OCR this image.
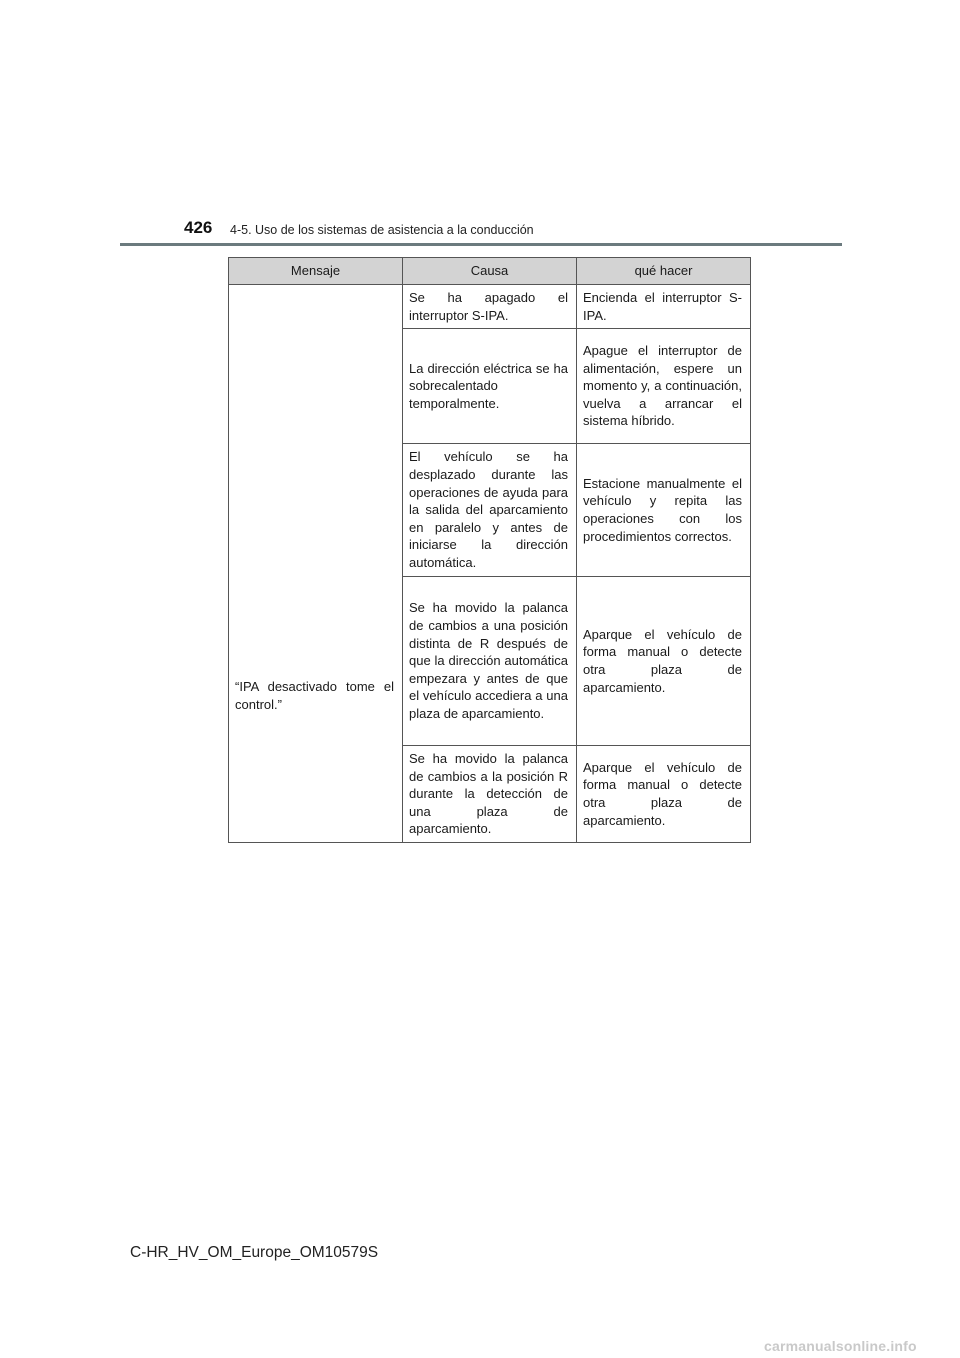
426 4-5. Uso de los sistemas de asistencia a la conducción
Mensaje	Causa	qué hacer
“IPA desactivado tome el control.”	Se ha apagado el interruptor S-IPA.	Encienda el interruptor S-IPA.
	La dirección eléctrica se ha sobrecalentado temporalmente.	Apague el interruptor de alimentación, espere un momento y, a continuación, vuelva a arrancar el sistema híbrido.
	El vehículo se ha desplazado durante las operaciones de ayuda para la salida del aparcamiento en paralelo y antes de iniciarse la dirección automática.	Estacione manualmente el vehículo y repita las operaciones con los procedimientos correctos.
	Se ha movido la palanca de cambios a una posición distinta de R después de que la dirección automática empezara y antes de que el vehículo accediera a una plaza de aparcamiento.	Aparque el vehículo de forma manual o detecte otra plaza de aparcamiento.
	Se ha movido la palanca de cambios a la posición R durante la detección de una plaza de aparcamiento.	Aparque el vehículo de forma manual o detecte otra plaza de aparcamiento.
C-HR_HV_OM_Europe_OM10579S
carmanualsonline.info
